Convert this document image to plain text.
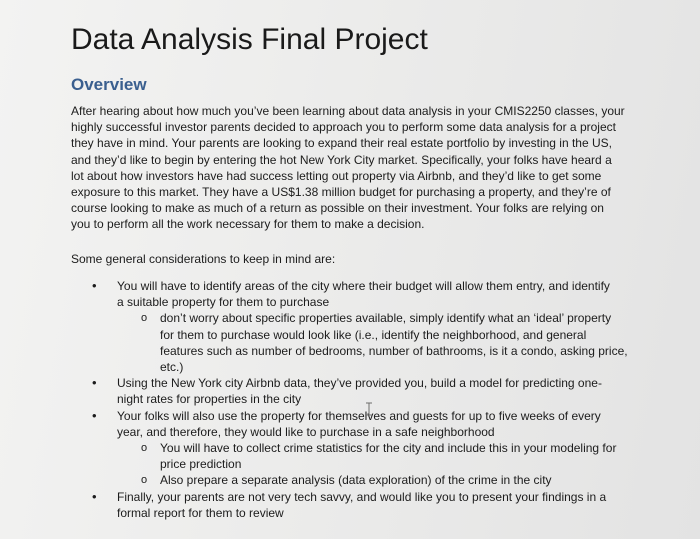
Data Analysis Final Project
Overview

After hearing about how much you’ve been learning about data analysis in your CMIS2250 classes, your
highly successful investor parents decided to approach you to perform some data analysis for a project
they have in mind. Your parents are looking to expand their real estate portfolio by investing in the US,
and they’d like to begin by entering the hot New York City market. Specifically, your folks have heard a
lot about how investors have had success letting out property via Airbnb, and they’d like to get some
exposure to this market. They have a US$1.38 million budget for purchasing a property, and they’re of
course looking to make as much of a return as possible on their investment. Your folks are relying on
you to perform all the work necessary for them to make a decision.

Some general considerations to keep in mind are:

• You will have to identify areas of the city where their budget will allow them entry, and identify
a suitable property for them to purchase
o don’t worry about specific properties available, simply identify what an ‘ideal’ property
for them to purchase would look like (i.e., identify the neighborhood, and general
features such as number of bedrooms, number of bathrooms, is it a condo, asking price,
etc.)
• Using the New York city Airbnb data, they’ve provided you, build a model for predicting one-
night rates for properties in the city
• Your folks will also use the property for themselves and guests for up to five weeks of every
year, and therefore, they would like to purchase in a safe neighborhood
o You will have to collect crime statistics for the city and include this in your modeling for
price prediction
o Also prepare a separate analysis (data exploration) of the crime in the city
• Finally, your parents are not very tech savvy, and would like you to present your findings in a
formal report for them to review
